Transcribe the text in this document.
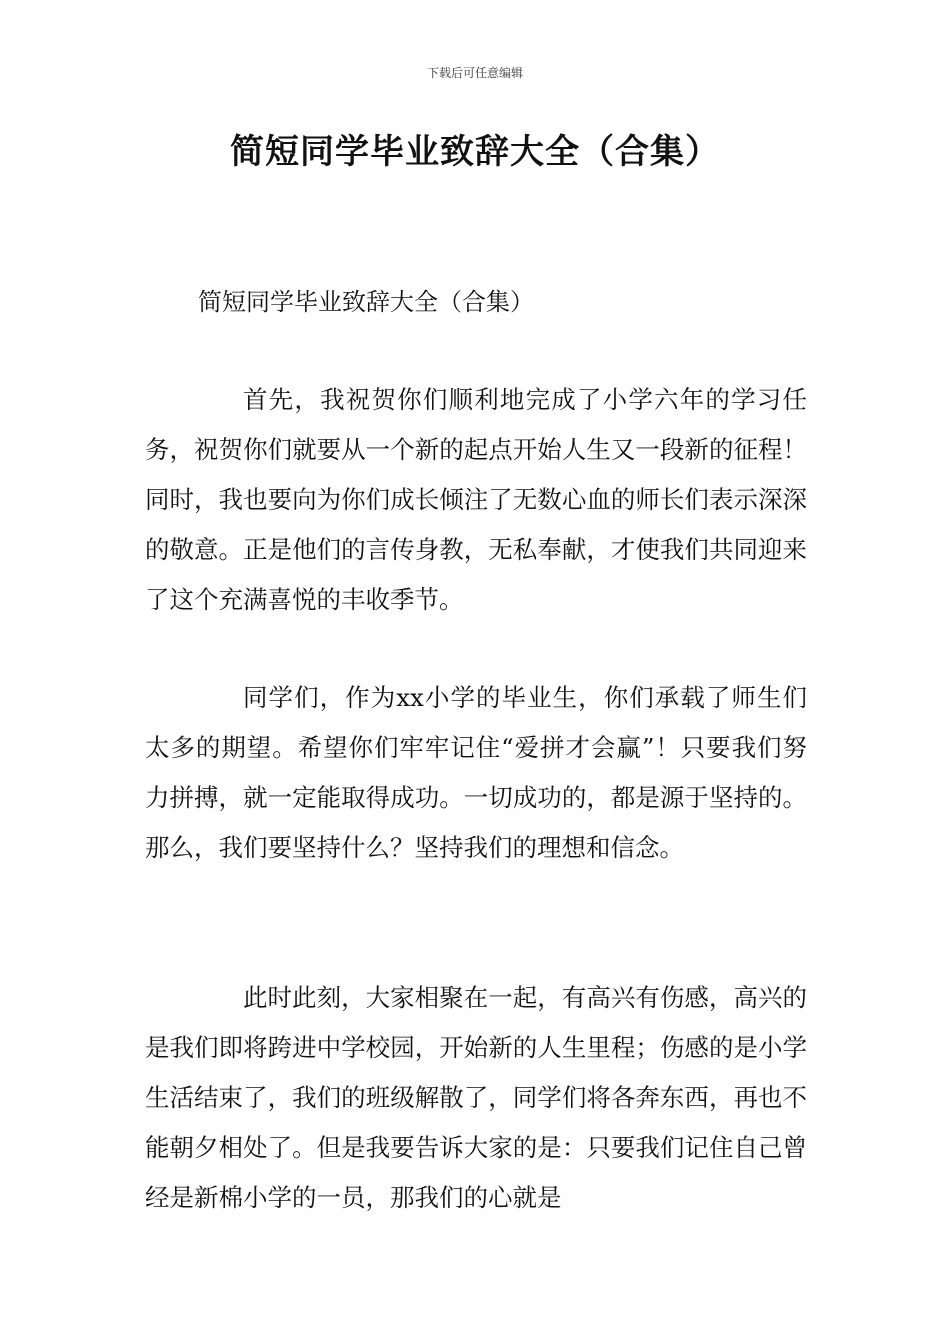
下载后可任意编辑
简短同学毕业致辞大全（合集）

简短同学毕业致辞大全（合集）

首先，我祝贺你们顺利地完成了小学六年的学习任务，祝贺你们就要从一个新的起点开始人生又一段新的征程！同时，我也要向为你们成长倾注了无数心血的师长们表示深深的敬意。正是他们的言传身教，无私奉献，才使我们共同迎来了这个充满喜悦的丰收季节。

同学们，作为xx小学的毕业生，你们承载了师生们太多的期望。希望你们牢牢记住“爱拼才会赢”！只要我们努力拼搏，就一定能取得成功。一切成功的，都是源于坚持的。那么，我们要坚持什么？坚持我们的理想和信念。

此时此刻，大家相聚在一起，有高兴有伤感，高兴的是我们即将跨进中学校园，开始新的人生里程；伤感的是小学生活结束了，我们的班级解散了，同学们将各奔东西，再也不能朝夕相处了。但是我要告诉大家的是：只要我们记住自己曾经是新棉小学的一员，那我们的心就是
